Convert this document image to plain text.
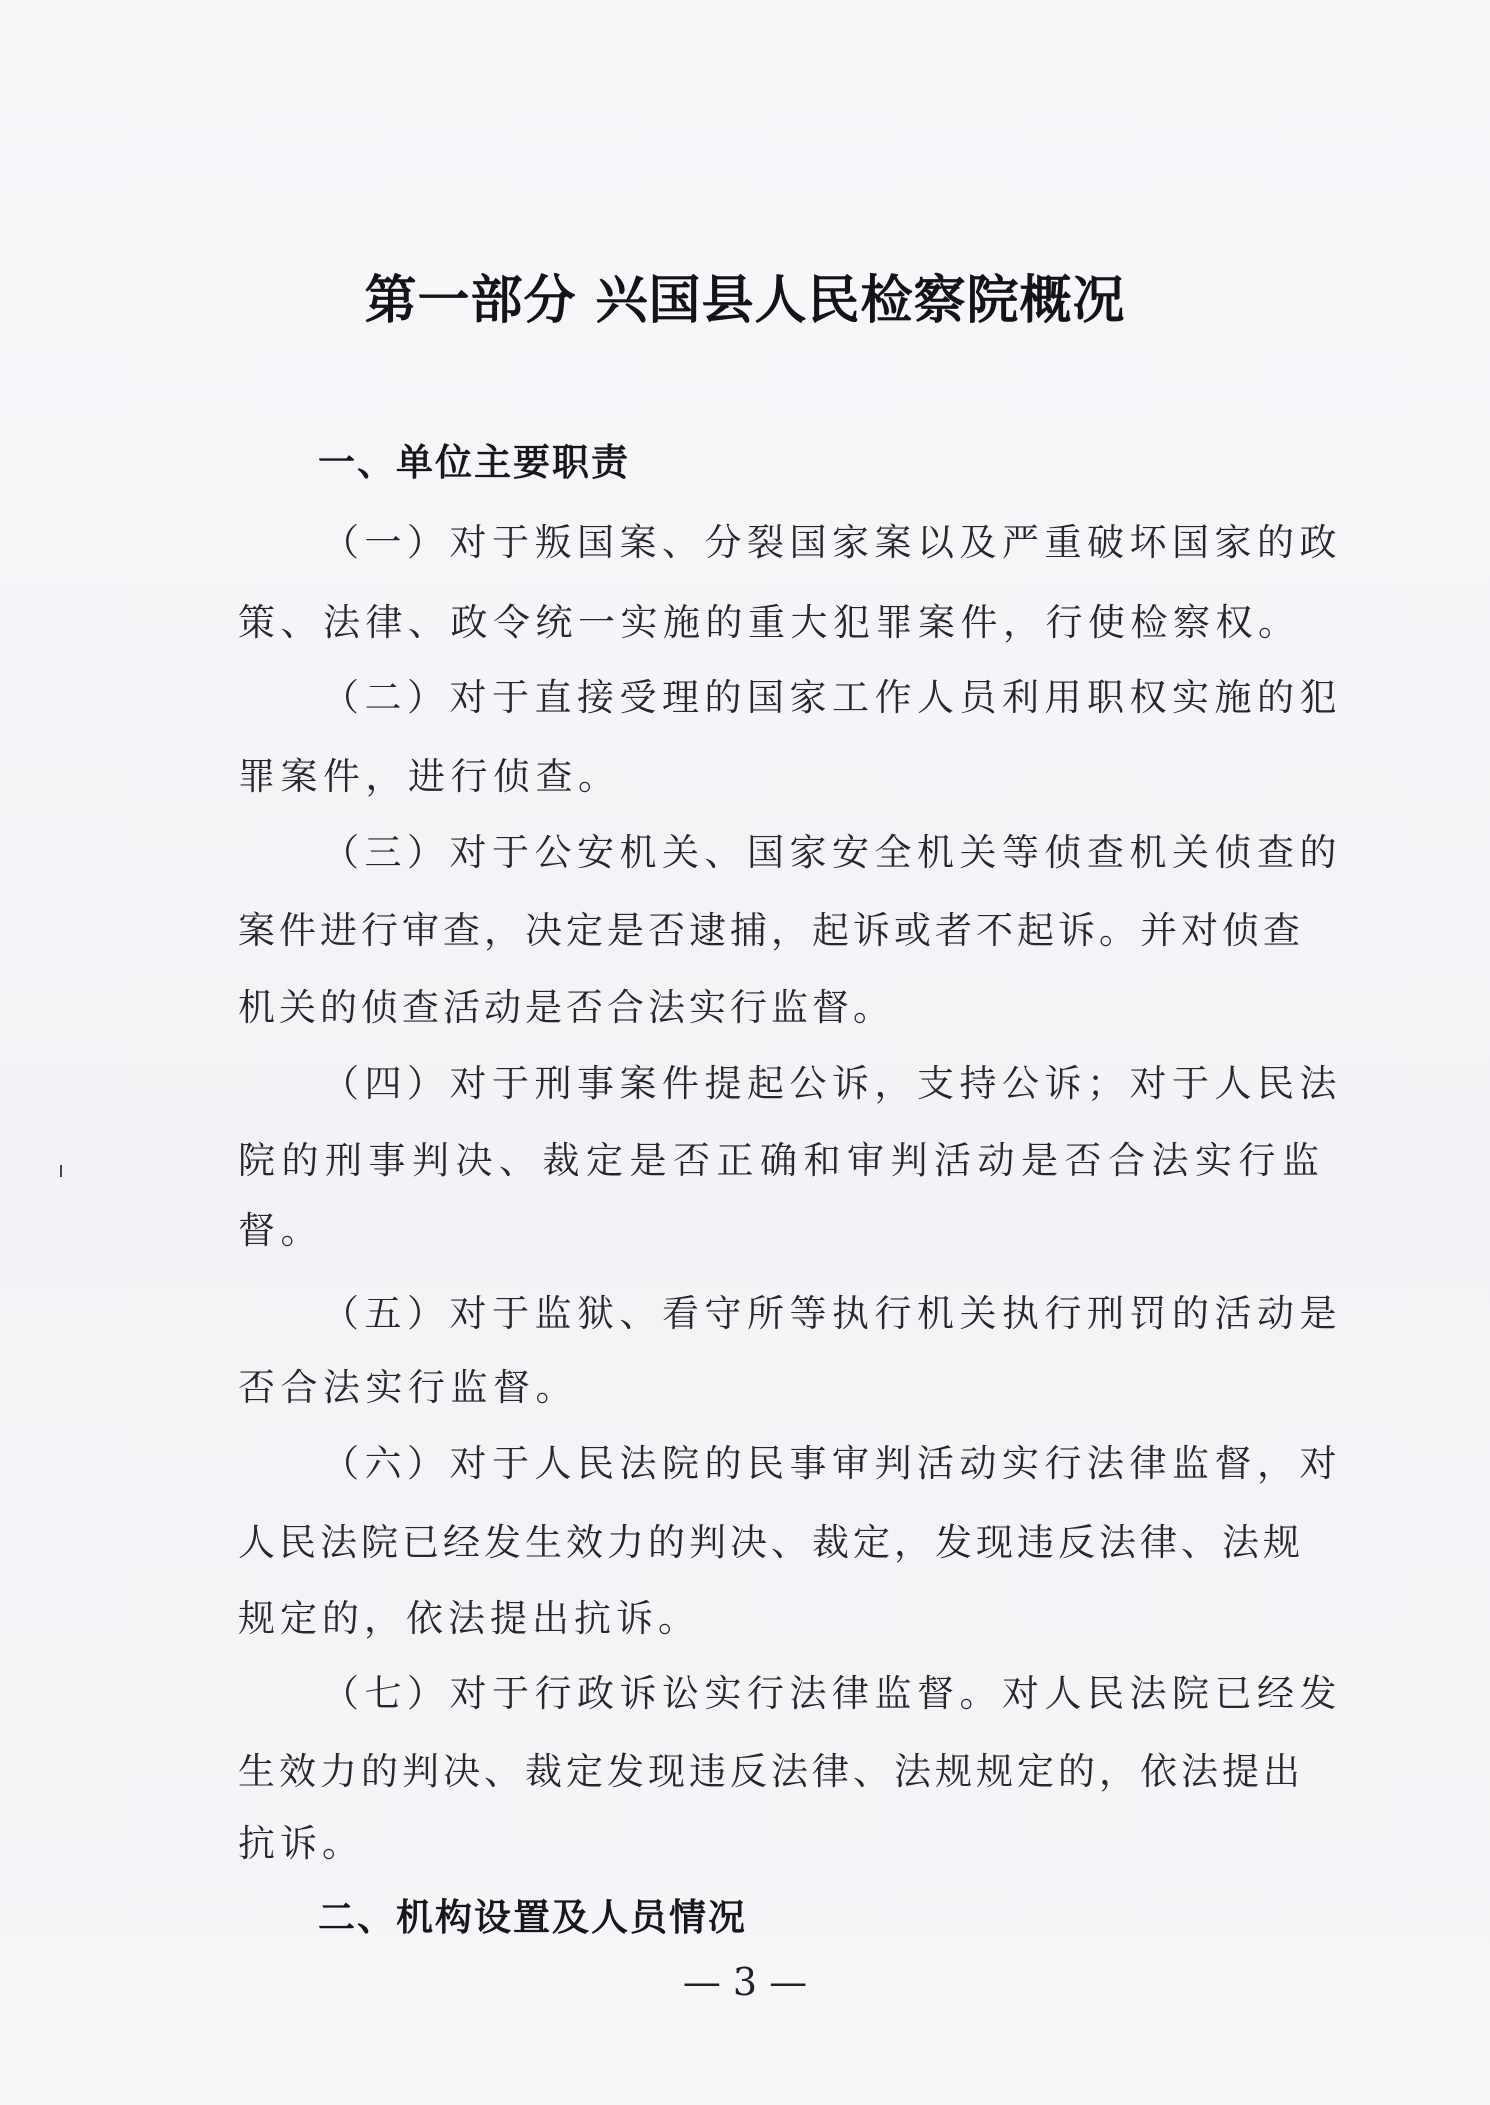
第一部分 兴国县人民检察院概况
一、单位主要职责
（一）对于叛国案、分裂国家案以及严重破坏国家的政
策、法律、政令统一实施的重大犯罪案件，行使检察权。
（二）对于直接受理的国家工作人员利用职权实施的犯
罪案件，进行侦查。
（三）对于公安机关、国家安全机关等侦查机关侦查的
案件进行审查，决定是否逮捕，起诉或者不起诉。并对侦查
机关的侦查活动是否合法实行监督。
（四）对于刑事案件提起公诉，支持公诉；对于人民法
院的刑事判决、裁定是否正确和审判活动是否合法实行监
督。
（五）对于监狱、看守所等执行机关执行刑罚的活动是
否合法实行监督。
（六）对于人民法院的民事审判活动实行法律监督，对
人民法院已经发生效力的判决、裁定，发现违反法律、法规
规定的，依法提出抗诉。
（七）对于行政诉讼实行法律监督。对人民法院已经发
生效力的判决、裁定发现违反法律、法规规定的，依法提出
抗诉。
二、机构设置及人员情况
— 3 —
